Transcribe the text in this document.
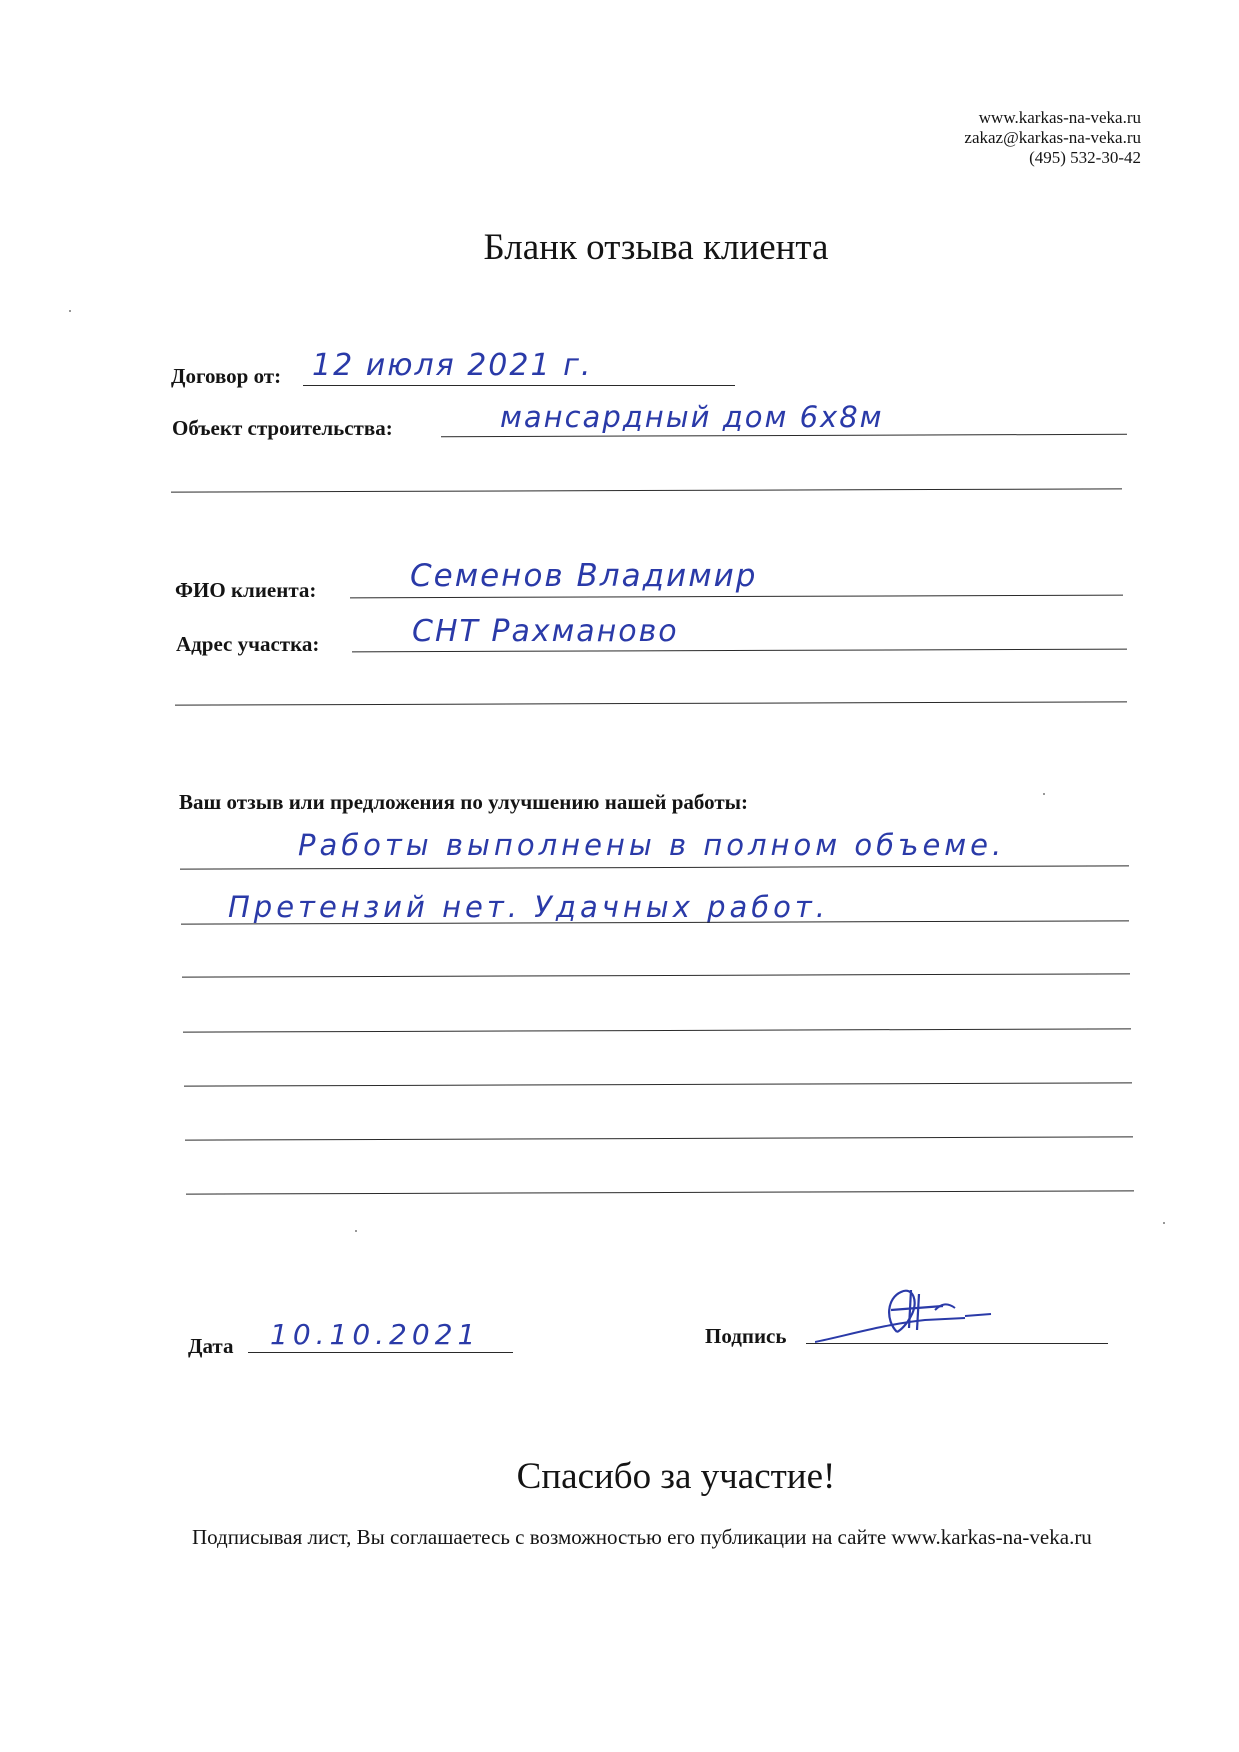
www.karkas-na-veka.ru
zakaz@karkas-na-veka.ru
(495) 532-30-42
Бланк отзыва клиента
Договор от: 12 июля 2021 г.
Объект строительства:	мансардный дом 6х8м
ФИО клиента:	Семенов Владимир
Адрес участка:	СНТ Рахманово
Ваш отзыв или предложения по улучшению нашей работы:
Работы выполнены в полном объеме.
Претензий нет. Удачных работ.
Дата 10.10.2021	Подпись
Спасибо за участие!
Подписывая лист, Вы соглашаетесь с возможностью его публикации на сайте www.karkas-na-veka.ru
